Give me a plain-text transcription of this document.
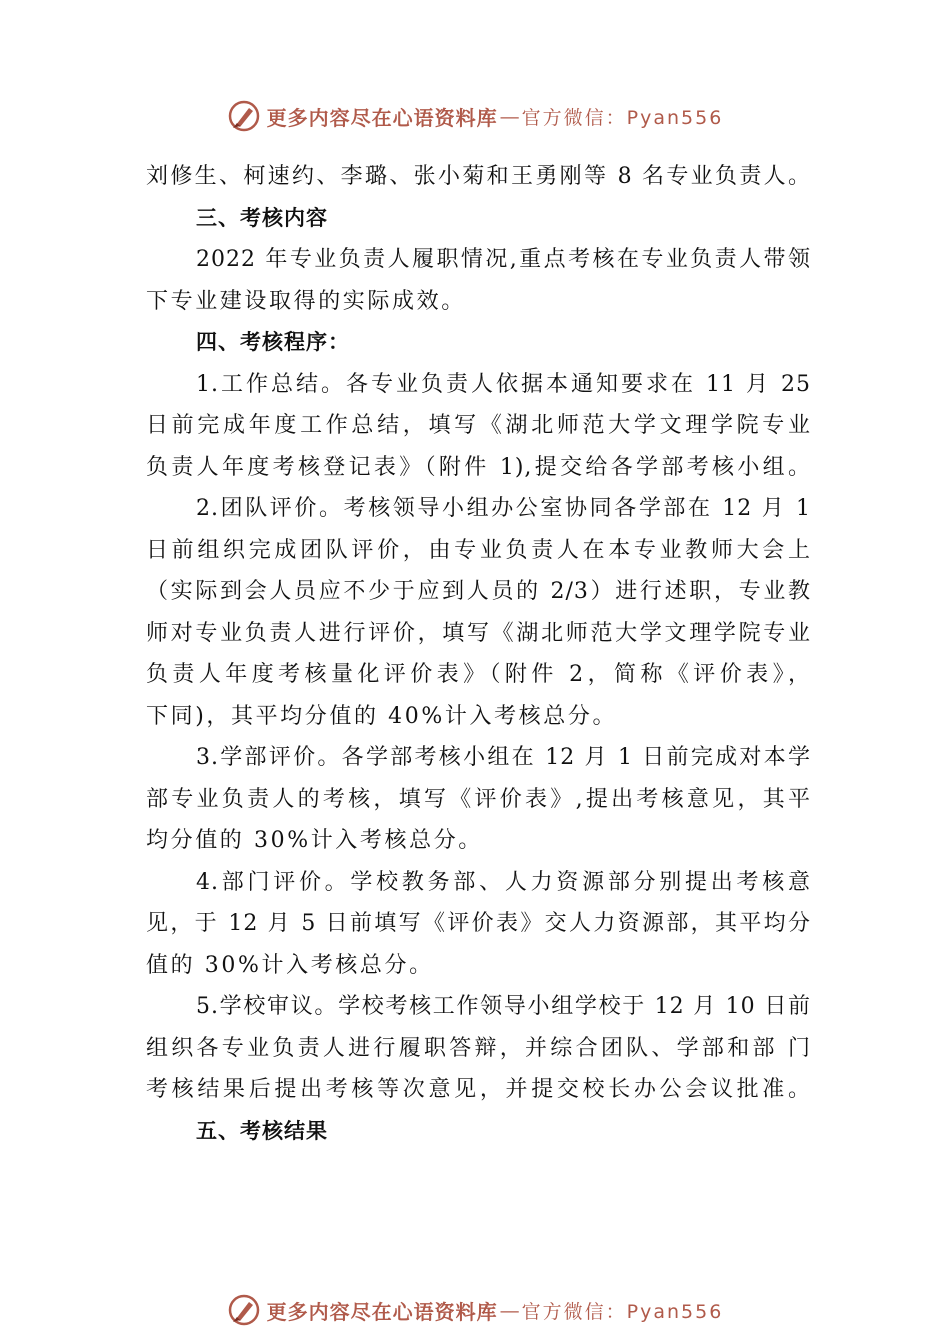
更多内容尽在心语资料库 — 官方微信：Pyan556
刘修生、柯速约、李璐、张小菊和王勇刚等 8 名专业负责人。
三、考核内容
2022 年专业负责人履职情况,重点考核在专业负责人带领
下专业建设取得的实际成效。
四、考核程序：
1.工作总结。各专业负责人依据本通知要求在 11 月 25
日前完成年度工作总结，填写《湖北师范大学文理学院专业
负责人年度考核登记表》（附件 1),提交给各学部考核小组。
2.团队评价。考核领导小组办公室协同各学部在 12 月 1
日前组织完成团队评价，由专业负责人在本专业教师大会上
（实际到会人员应不少于应到人员的 2/3）进行述职，专业教
师对专业负责人进行评价，填写《湖北师范大学文理学院专业
负责人年度考核量化评价表》（附件 2，简称《评价表》，
下同)，其平均分值的 40%计入考核总分。
3.学部评价。各学部考核小组在 12 月 1 日前完成对本学
部专业负责人的考核，填写《评价表》,提出考核意见，其平
均分值的 30%计入考核总分。
4.部门评价。学校教务部、人力资源部分别提出考核意
见，于 12 月 5 日前填写《评价表》交人力资源部，其平均分
值的 30%计入考核总分。
5.学校审议。学校考核工作领导小组学校于 12 月 10 日前
组织各专业负责人进行履职答辩，并综合团队、学部和部 门
考核结果后提出考核等次意见，并提交校长办公会议批准。
五、考核结果
更多内容尽在心语资料库 — 官方微信：Pyan556
